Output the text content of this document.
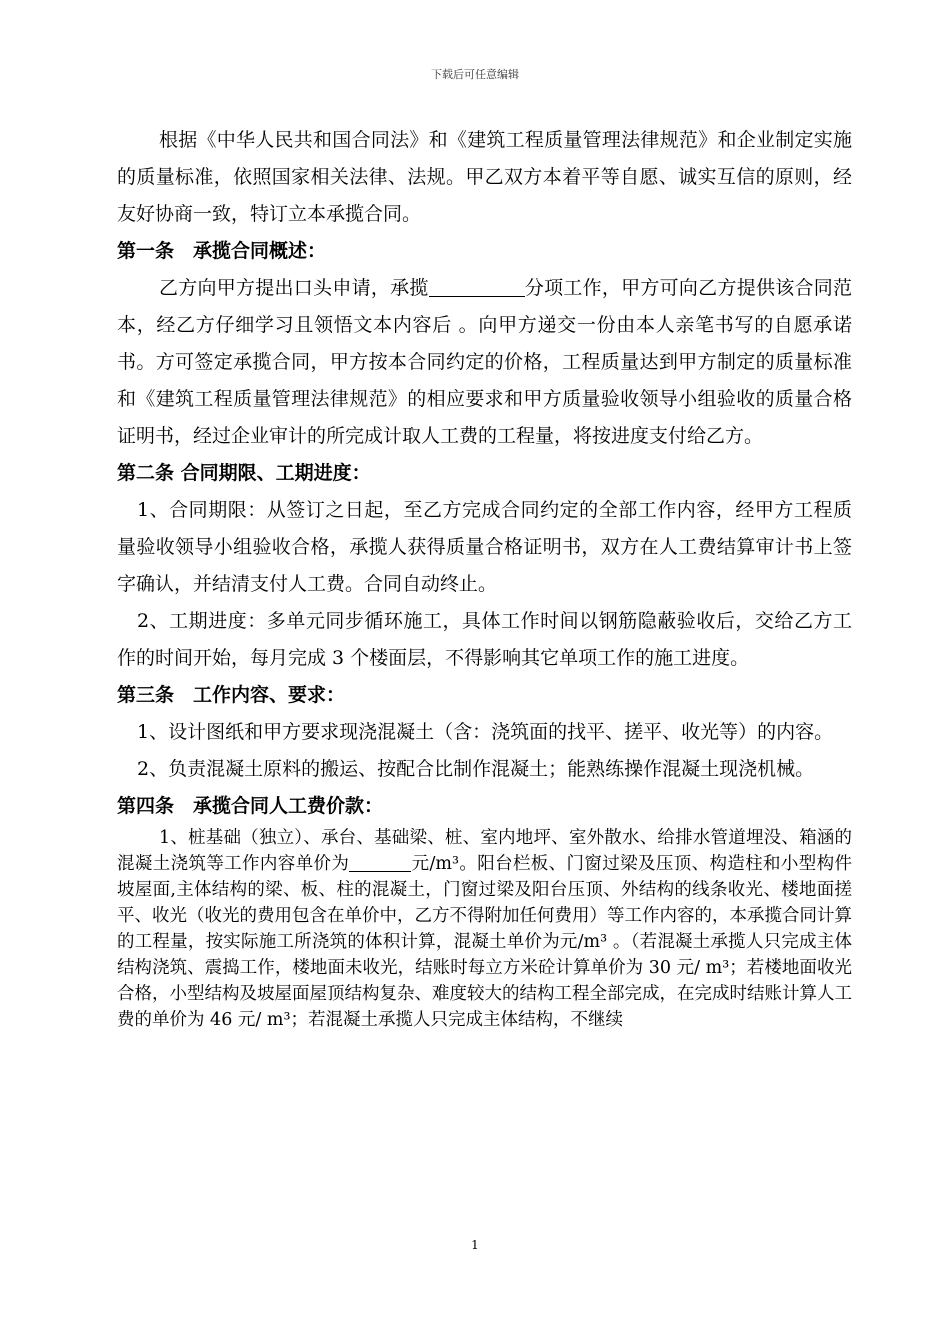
下载后可任意编辑

根据《中华人民共和国合同法》和《建筑工程质量管理法律规范》和企业制定实施的质量标准，依照国家相关法律、法规。甲乙双方本着平等自愿、诚实互信的原则，经友好协商一致，特订立本承揽合同。

第一条　承揽合同概述：

乙方向甲方提出口头申请，承揽	分项工作，甲方可向乙方提供该合同范本，经乙方仔细学习且领悟文本内容后 。向甲方递交一份由本人亲笔书写的自愿承诺书。方可签定承揽合同，甲方按本合同约定的价格，工程质量达到甲方制定的质量标准和《建筑工程质量管理法律规范》的相应要求和甲方质量验收领导小组验收的质量合格证明书，经过企业审计的所完成计取人工费的工程量，将按进度支付给乙方。

第二条 合同期限、工期进度：

1、合同期限：从签订之日起，至乙方完成合同约定的全部工作内容，经甲方工程质量验收领导小组验收合格，承揽人获得质量合格证明书，双方在人工费结算审计书上签字确认，并结清支付人工费。合同自动终止。

2、工期进度：多单元同步循环施工，具体工作时间以钢筋隐蔽验收后，交给乙方工作的时间开始，每月完成 3 个楼面层，不得影响其它单项工作的施工进度。

第三条　工作内容、要求：

1、设计图纸和甲方要求现浇混凝土（含：浇筑面的找平、搓平、收光等）的内容。

2、负责混凝土原料的搬运、按配合比制作混凝土；能熟练操作混凝土现浇机械。

第四条　承揽合同人工费价款：

1、桩基础（独立）、承台、基础梁、桩、室内地坪、室外散水、给排水管道埋没、箱涵的混凝土浇筑等工作内容单价为	元/m³。阳台栏板、门窗过梁及压顶、构造柱和小型构件坡屋面,主体结构的梁、板、柱的混凝土，门窗过梁及阳台压顶、外结构的线条收光、楼地面搓平、收光（收光的费用包含在单价中，乙方不得附加任何费用）等工作内容的，本承揽合同计算的工程量，按实际施工所浇筑的体积计算，混凝土单价为元/m³ 。（若混凝土承揽人只完成主体结构浇筑、震捣工作，楼地面未收光，结账时每立方米砼计算单价为 30 元/ m³；若楼地面收光合格，小型结构及坡屋面屋顶结构复杂、难度较大的结构工程全部完成，在完成时结账计算人工费的单价为 46 元/ m³；若混凝土承揽人只完成主体结构，不继续

1
